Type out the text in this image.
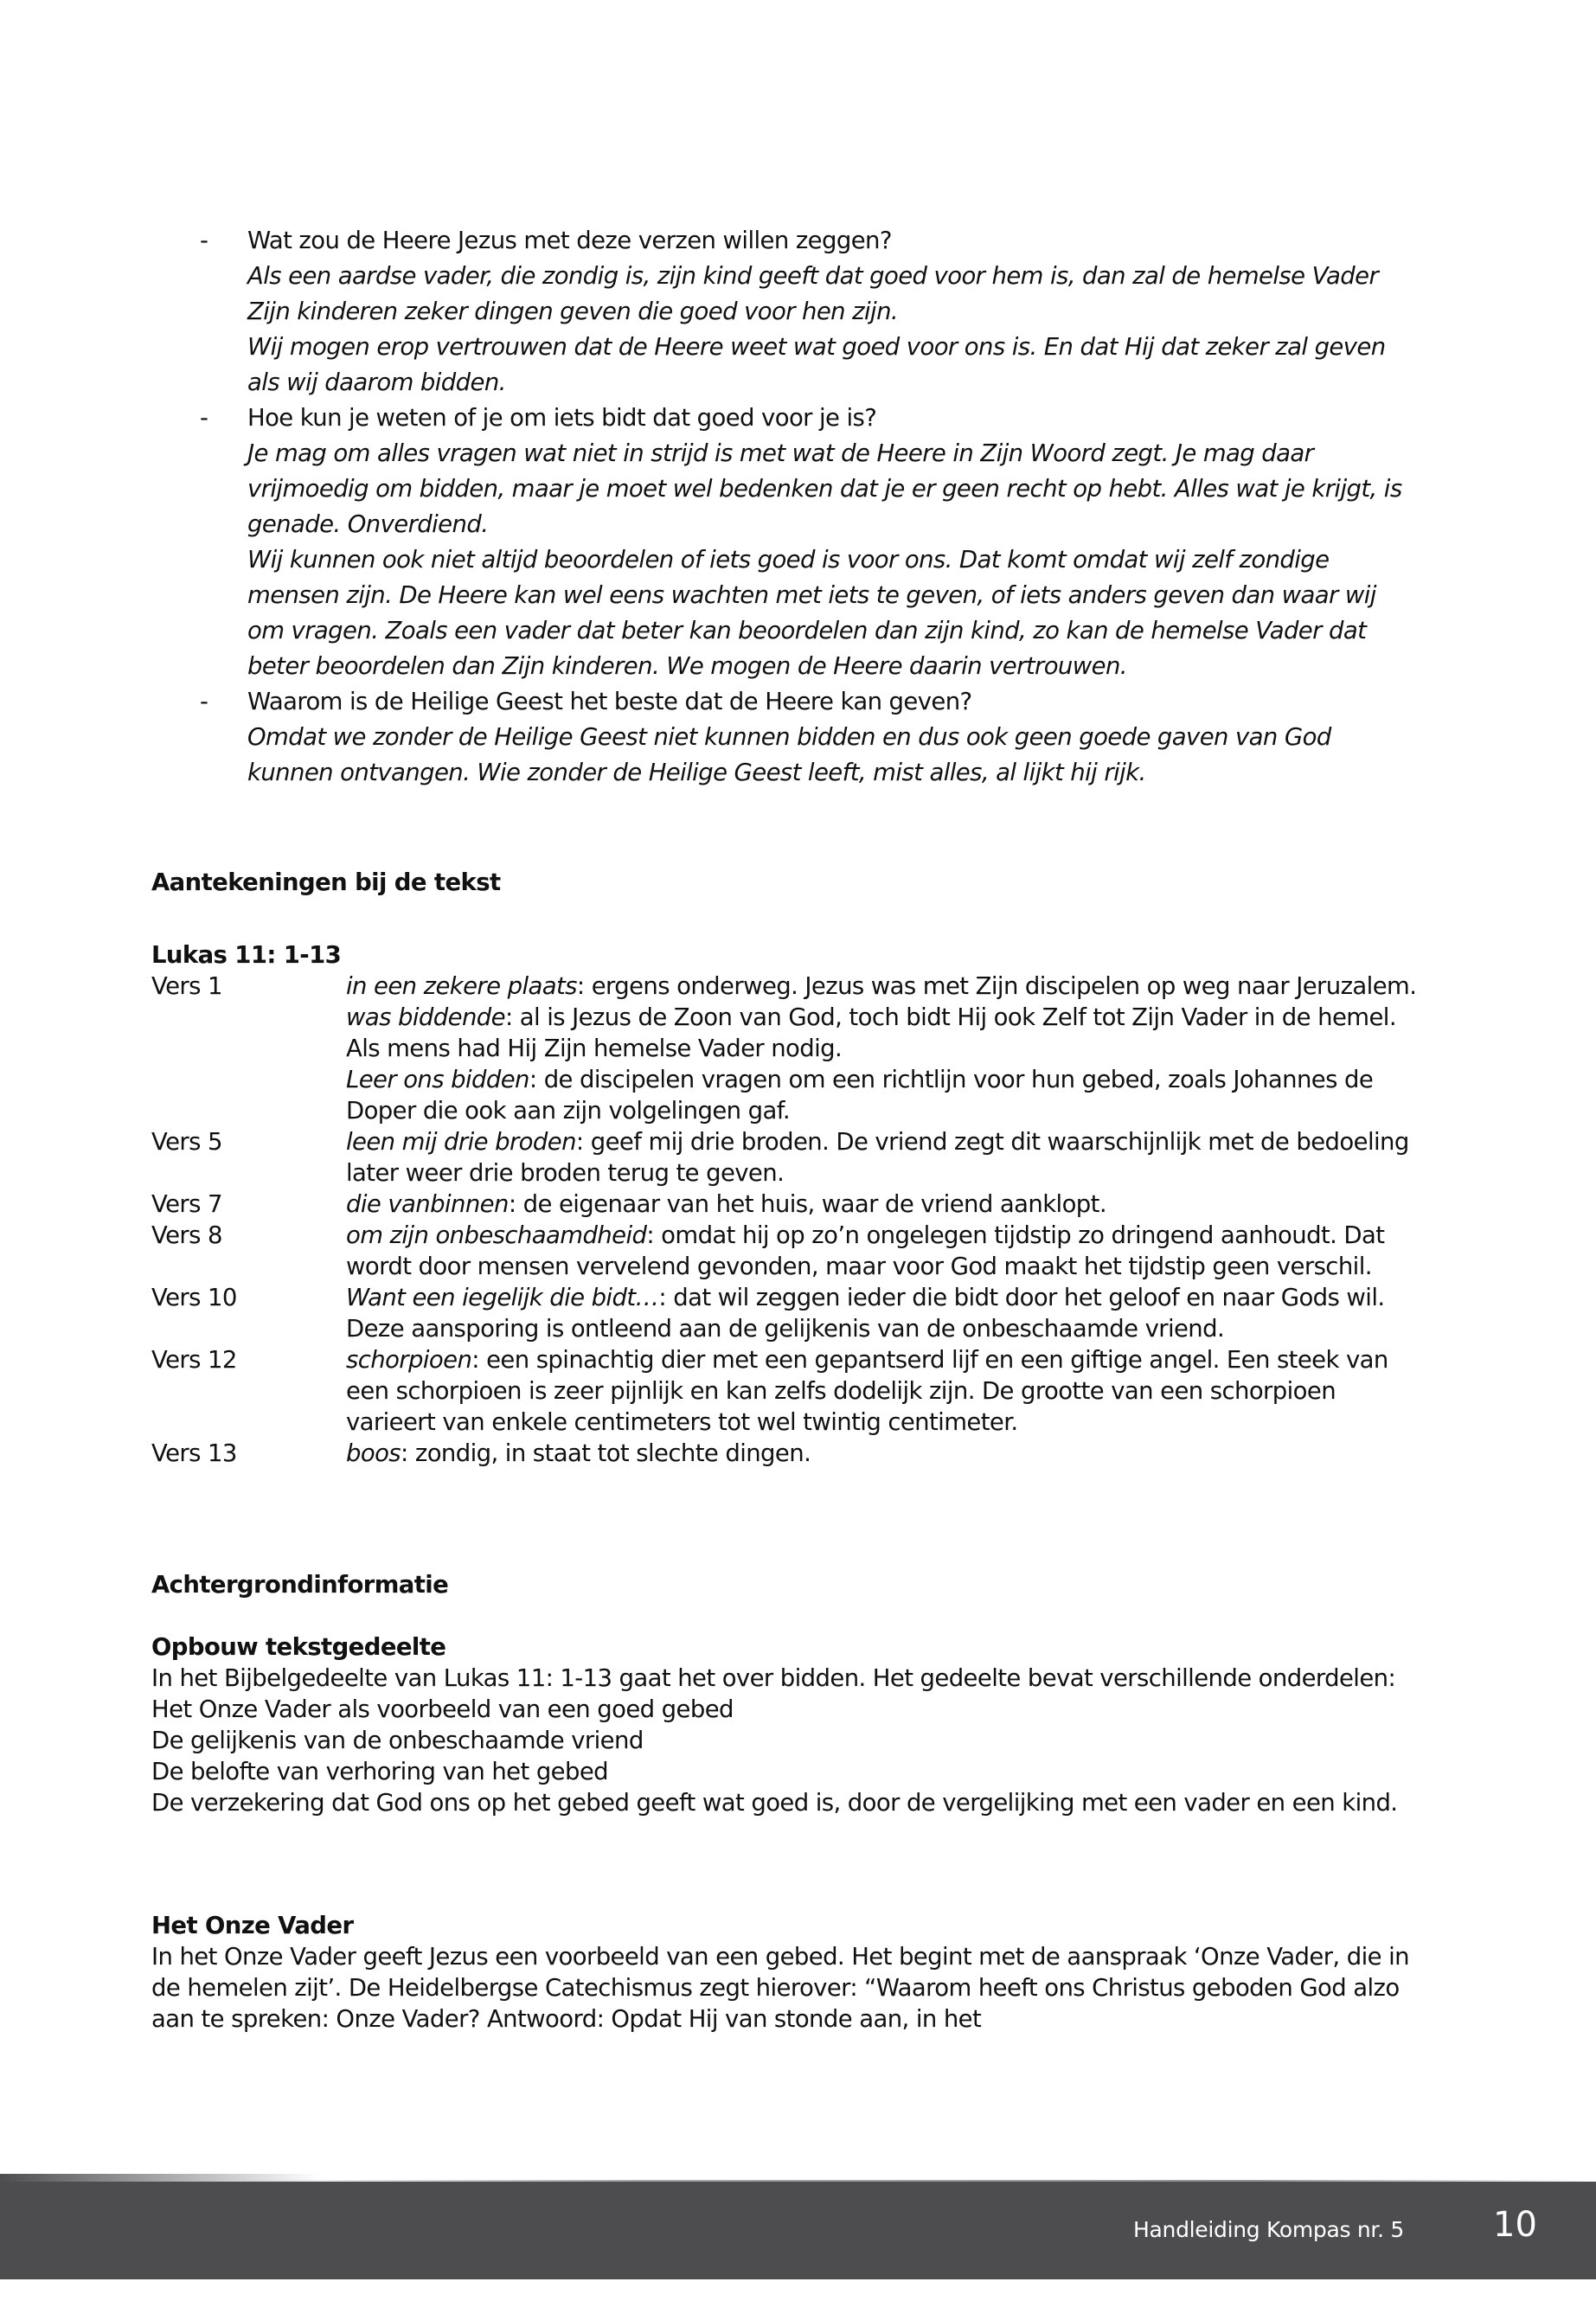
- Wat zou de Heere Jezus met deze verzen willen zeggen?
Als een aardse vader, die zondig is, zijn kind geeft dat goed voor hem is, dan zal de hemelse Vader Zijn kinderen zeker dingen geven die goed voor hen zijn.
Wij mogen erop vertrouwen dat de Heere weet wat goed voor ons is. En dat Hij dat zeker zal geven als wij daarom bidden.
- Hoe kun je weten of je om iets bidt dat goed voor je is?
Je mag om alles vragen wat niet in strijd is met wat de Heere in Zijn Woord zegt. Je mag daar vrijmoedig om bidden, maar je moet wel bedenken dat je er geen recht op hebt. Alles wat je krijgt, is genade. Onverdiend.
Wij kunnen ook niet altijd beoordelen of iets goed is voor ons. Dat komt omdat wij zelf zondige mensen zijn. De Heere kan wel eens wachten met iets te geven, of iets anders geven dan waar wij om vragen. Zoals een vader dat beter kan beoordelen dan zijn kind, zo kan de hemelse Vader dat beter beoordelen dan Zijn kinderen. We mogen de Heere daarin vertrouwen.
- Waarom is de Heilige Geest het beste dat de Heere kan geven?
Omdat we zonder de Heilige Geest niet kunnen bidden en dus ook geen goede gaven van God kunnen ontvangen. Wie zonder de Heilige Geest leeft, mist alles, al lijkt hij rijk.
Aantekeningen bij de tekst
Lukas 11: 1-13
Vers 1	in een zekere plaats: ergens onderweg. Jezus was met Zijn discipelen op weg naar Jeruzalem.
was biddende: al is Jezus de Zoon van God, toch bidt Hij ook Zelf tot Zijn Vader in de hemel. Als mens had Hij Zijn hemelse Vader nodig.
Leer ons bidden: de discipelen vragen om een richtlijn voor hun gebed, zoals Johannes de Doper die ook aan zijn volgelingen gaf.
Vers 5	leen mij drie broden: geef mij drie broden. De vriend zegt dit waarschijnlijk met de bedoeling later weer drie broden terug te geven.
Vers 7	die vanbinnen: de eigenaar van het huis, waar de vriend aanklopt.
Vers 8	om zijn onbeschaamdheid: omdat hij op zo’n ongelegen tijdstip zo dringend aanhoudt. Dat wordt door mensen vervelend gevonden, maar voor God maakt het tijdstip geen verschil.
Vers 10	Want een iegelijk die bidt…: dat wil zeggen ieder die bidt door het geloof en naar Gods wil. Deze aansporing is ontleend aan de gelijkenis van de onbeschaamde vriend.
Vers 12	schorpioen: een spinachtig dier met een gepantserd lijf en een giftige angel. Een steek van een schorpioen is zeer pijnlijk en kan zelfs dodelijk zijn. De grootte van een schorpioen varieert van enkele centimeters tot wel twintig centimeter.
Vers 13	boos: zondig, in staat tot slechte dingen.
Achtergrondinformatie
Opbouw tekstgedeelte
In het Bijbelgedeelte van Lukas 11: 1-13 gaat het over bidden. Het gedeelte bevat verschillende onderdelen:
Het Onze Vader als voorbeeld van een goed gebed
De gelijkenis van de onbeschaamde vriend
De belofte van verhoring van het gebed
De verzekering dat God ons op het gebed geeft wat goed is, door de vergelijking met een vader en een kind.
Het Onze Vader
In het Onze Vader geeft Jezus een voorbeeld van een gebed. Het begint met de aanspraak ‘Onze Vader, die in de hemelen zijt’. De Heidelbergse Catechismus zegt hierover: “Waarom heeft ons Christus geboden God alzo aan te spreken: Onze Vader? Antwoord: Opdat Hij van stonde aan, in het
Handleiding Kompas nr. 5	10
